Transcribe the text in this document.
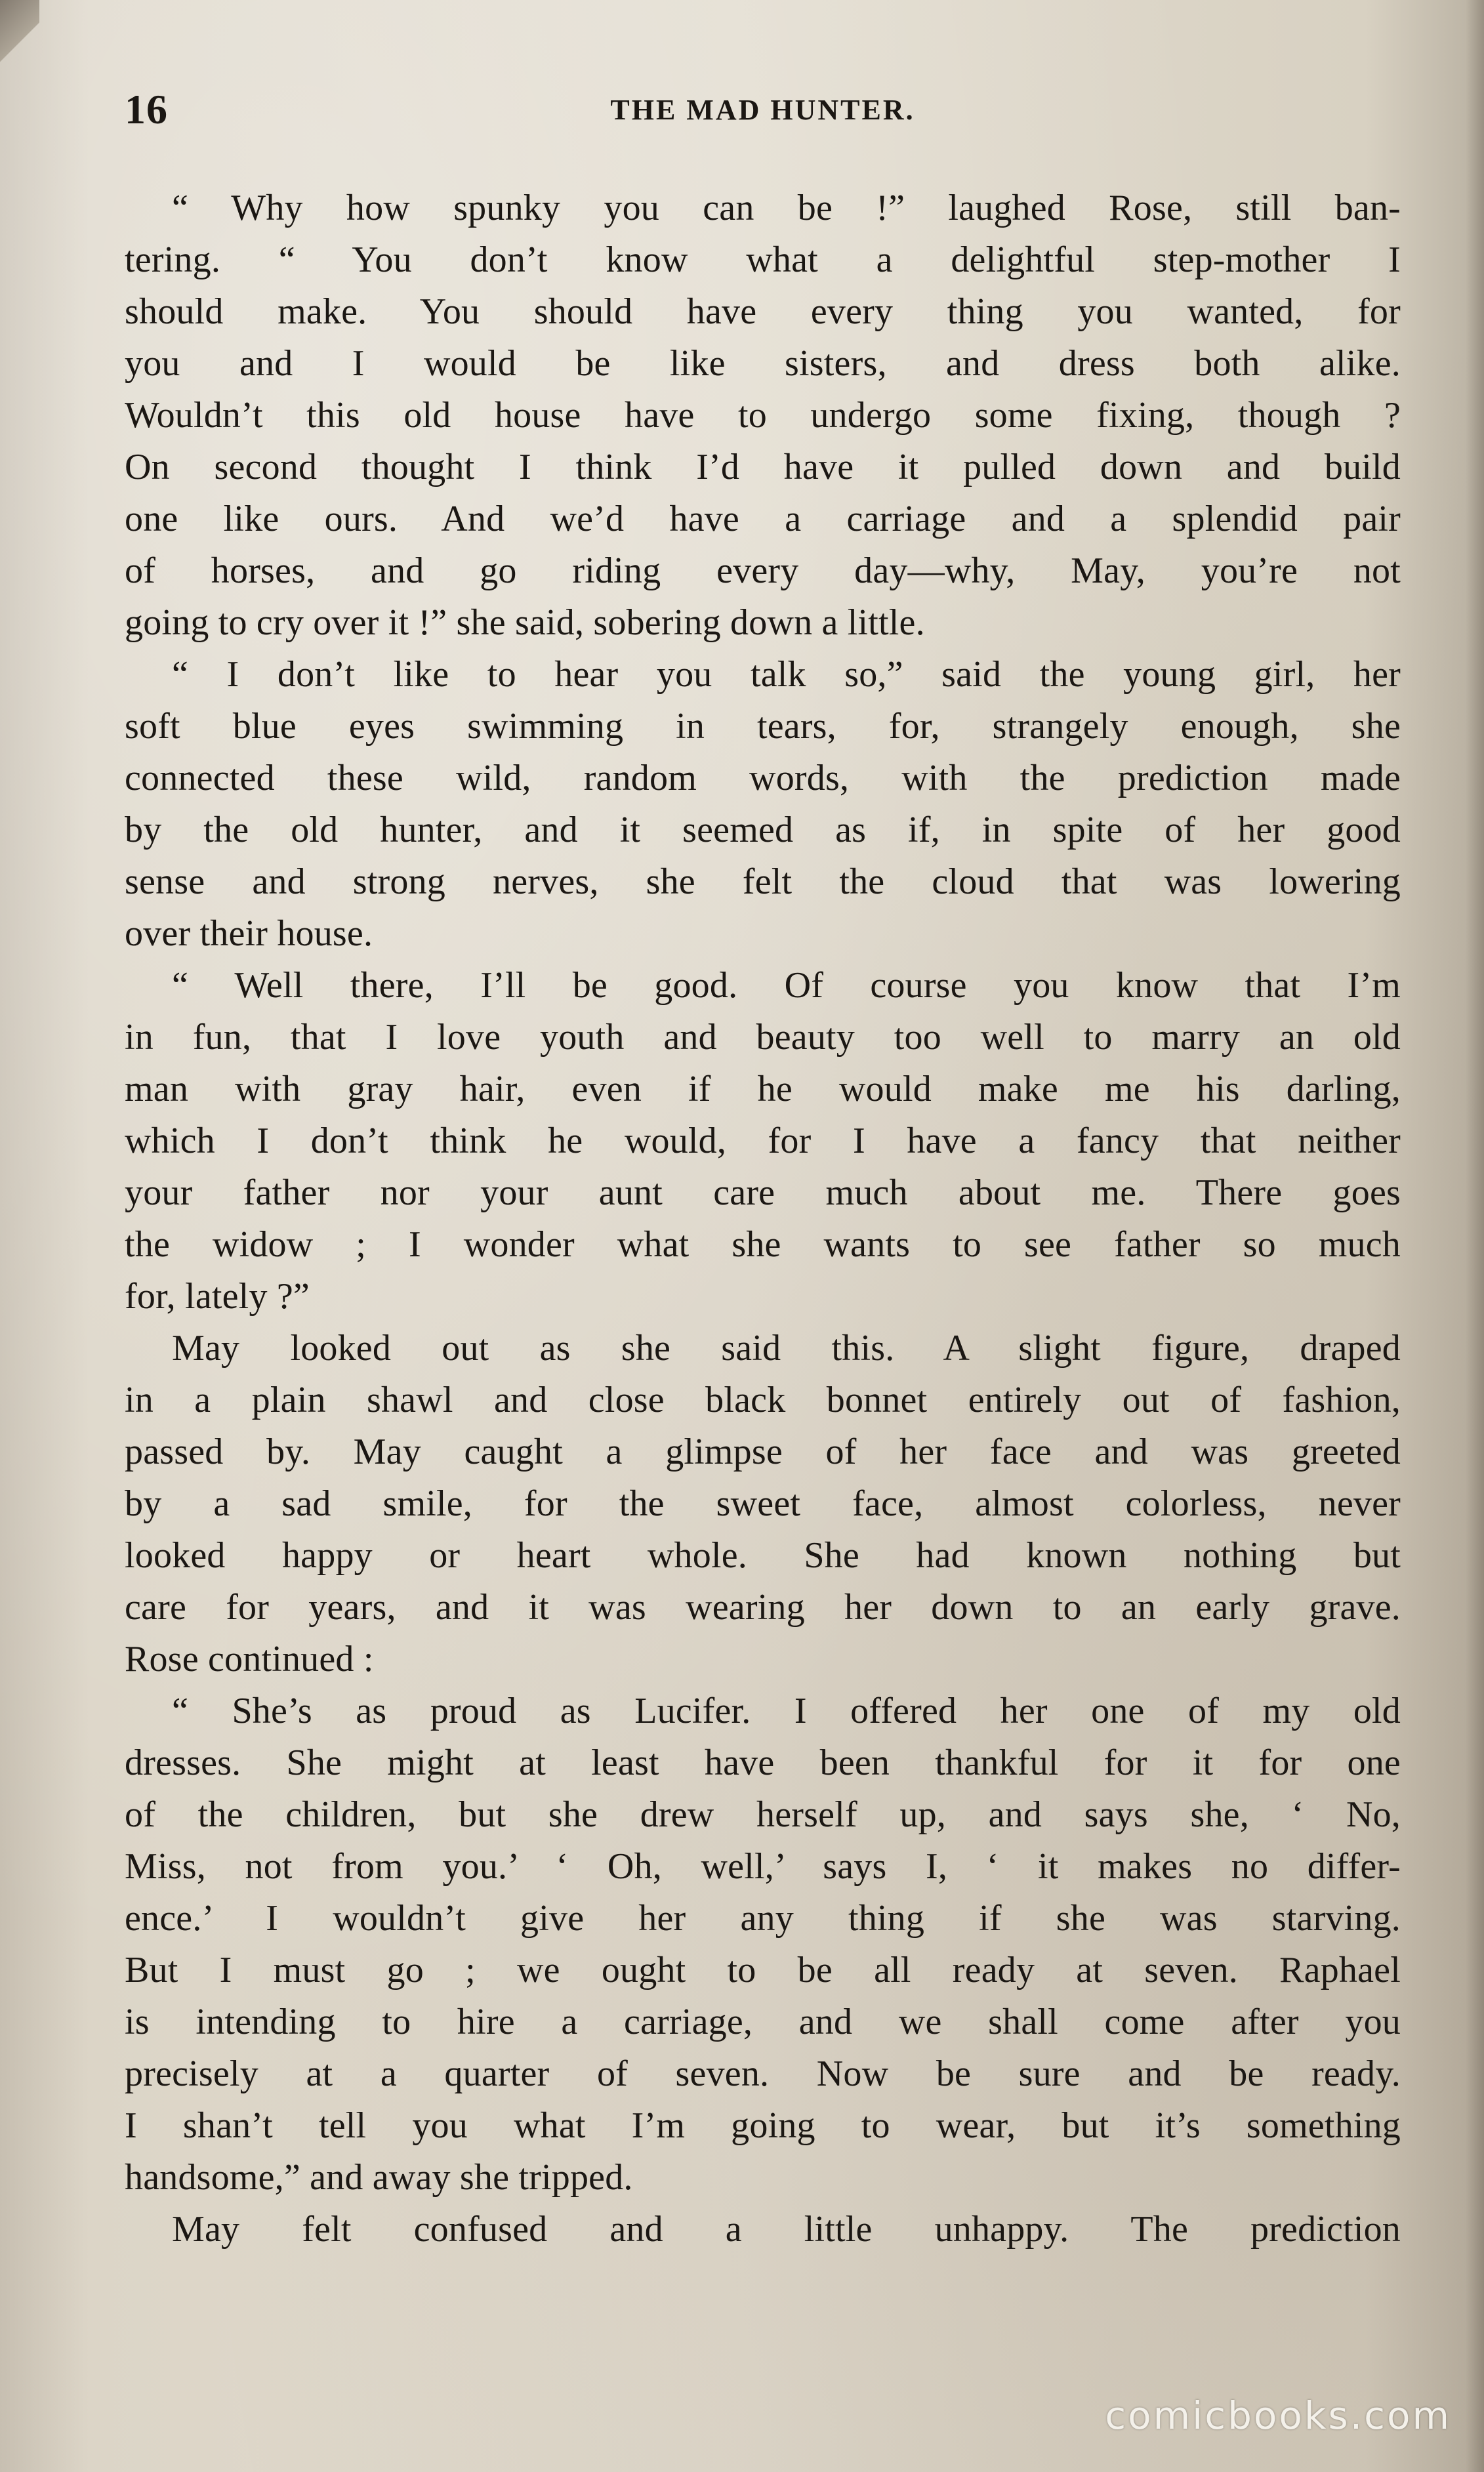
16	THE MAD HUNTER.
“ Why how spunky you can be !” laughed Rose, still ban-
tering. “ You don’t know what a delightful step-mother I
should make. You should have every thing you wanted, for
you and I would be like sisters, and dress both alike.
Wouldn’t this old house have to undergo some fixing, though ?
On second thought I think I’d have it pulled down and build
one like ours. And we’d have a carriage and a splendid pair
of horses, and go riding every day—why, May, you’re not
going to cry over it !” she said, sobering down a little.
“ I don’t like to hear you talk so,” said the young girl, her
soft blue eyes swimming in tears, for, strangely enough, she
connected these wild, random words, with the prediction made
by the old hunter, and it seemed as if, in spite of her good
sense and strong nerves, she felt the cloud that was lowering
over their house.
“ Well there, I’ll be good. Of course you know that I’m
in fun, that I love youth and beauty too well to marry an old
man with gray hair, even if he would make me his darling,
which I don’t think he would, for I have a fancy that neither
your father nor your aunt care much about me. There goes
the widow ; I wonder what she wants to see father so much
for, lately ?”
May looked out as she said this. A slight figure, draped
in a plain shawl and close black bonnet entirely out of fashion,
passed by. May caught a glimpse of her face and was greeted
by a sad smile, for the sweet face, almost colorless, never
looked happy or heart whole. She had known nothing but
care for years, and it was wearing her down to an early grave.
Rose continued :
“ She’s as proud as Lucifer. I offered her one of my old
dresses. She might at least have been thankful for it for one
of the children, but she drew herself up, and says she, ‘ No,
Miss, not from you.’ ‘ Oh, well,’ says I, ‘ it makes no differ-
ence.’ I wouldn’t give her any thing if she was starving.
But I must go ; we ought to be all ready at seven. Raphael
is intending to hire a carriage, and we shall come after you
precisely at a quarter of seven. Now be sure and be ready.
I shan’t tell you what I’m going to wear, but it’s something
handsome,” and away she tripped.
May felt confused and a little unhappy. The prediction
comicbooks.com
